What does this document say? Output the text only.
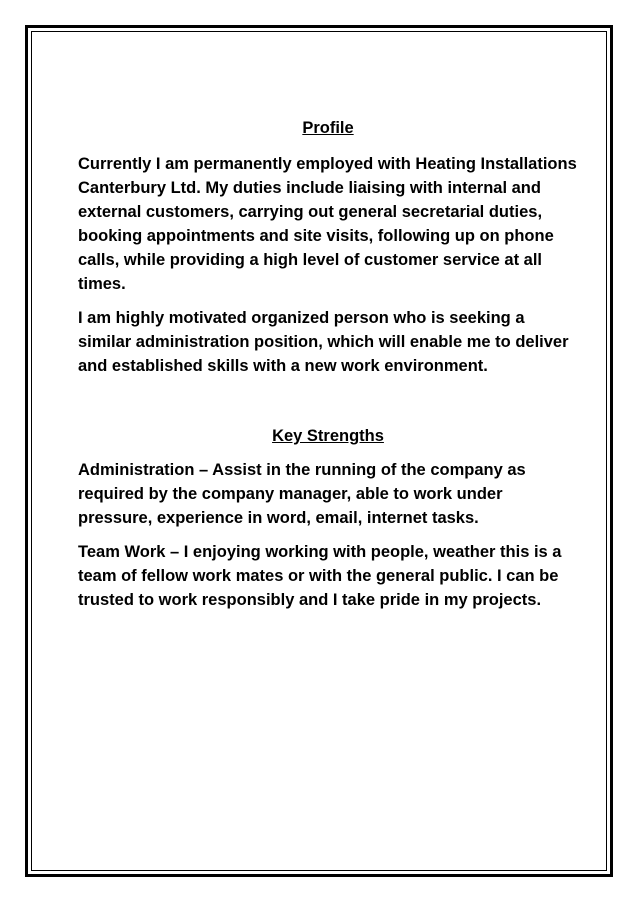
Profile

Currently I am permanently employed with Heating Installations Canterbury Ltd. My duties include liaising with internal and external customers, carrying out general secretarial duties, booking appointments and site visits, following up on phone calls, while providing a high level of customer service at all times.

I am highly motivated organized person who is seeking a similar administration position, which will enable me to deliver and established skills with a new work environment.

Key Strengths

Administration – Assist in the running of the company as required by the company manager, able to work under pressure, experience in word, email, internet tasks.

Team Work – I enjoying working with people, weather this is a team of fellow work mates or with the general public. I can be trusted to work responsibly and I take pride in my projects.
